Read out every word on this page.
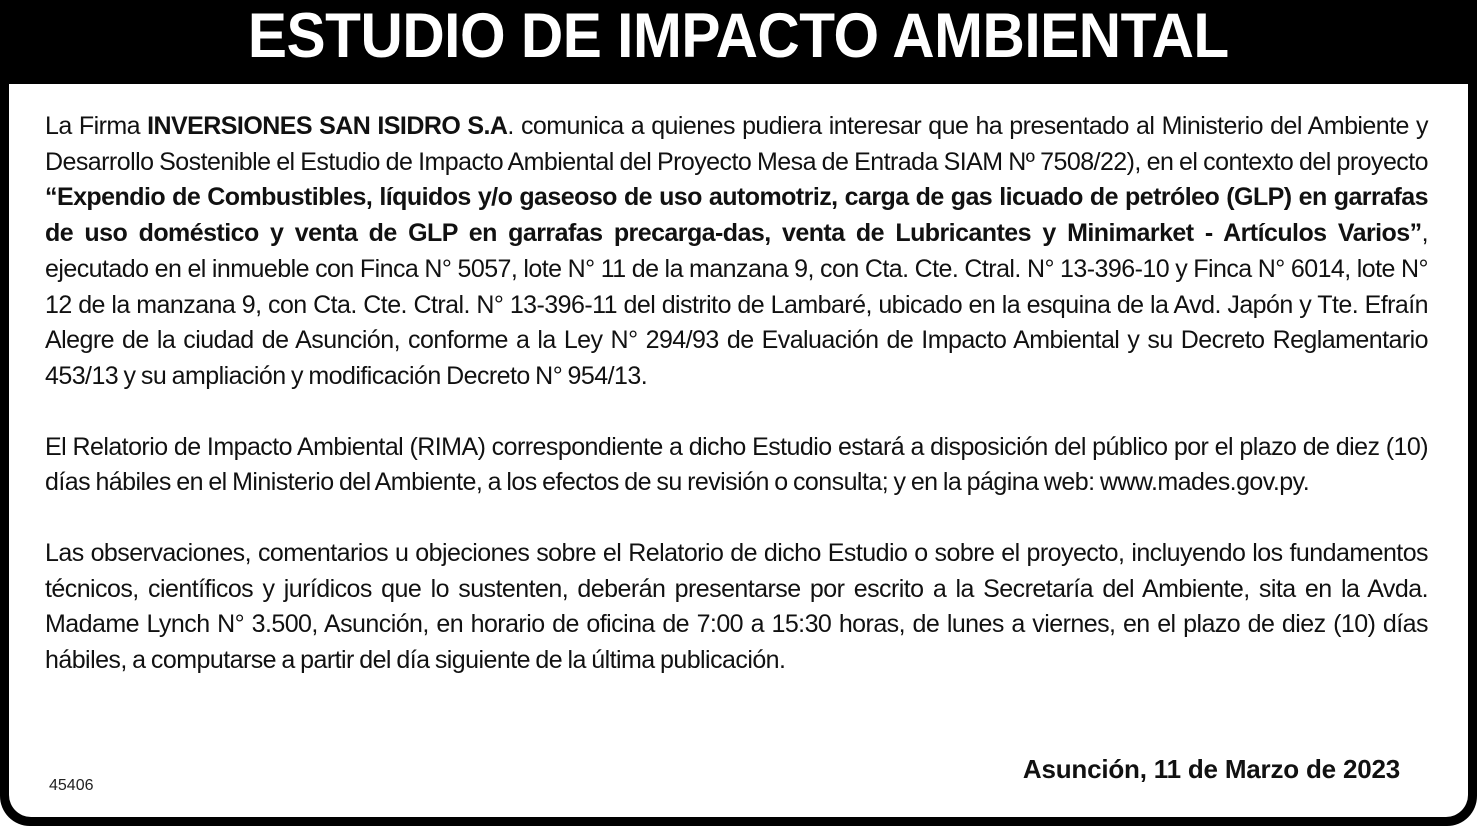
ESTUDIO DE IMPACTO AMBIENTAL

La Firma INVERSIONES SAN ISIDRO S.A. comunica a quienes pudiera interesar que ha presentado al Ministerio del Ambiente y Desarrollo Sostenible el Estudio de Impacto Ambiental del Proyecto Mesa de Entrada SIAM Nº 7508/22), en el contexto del proyecto “Expendio de Combustibles, líquidos y/o gaseoso de uso automotriz, carga de gas licuado de petróleo (GLP) en garrafas de uso doméstico y venta de GLP en garrafas precarga-das, venta de Lubricantes y Minimarket - Artículos Varios”, ejecutado en el inmueble con Finca N° 5057, lote N° 11 de la manzana 9, con Cta. Cte. Ctral. N° 13-396-10 y Finca N° 6014, lote N° 12 de la manzana 9, con Cta. Cte. Ctral. N° 13-396-11 del distrito de Lambaré, ubicado en la esquina de la Avd. Japón y Tte. Efraín Alegre de la ciudad de Asunción, conforme a la Ley N° 294/93 de Evaluación de Impacto Ambiental y su Decreto Reglamentario 453/13 y su ampliación y modificación Decreto N° 954/13.

El Relatorio de Impacto Ambiental (RIMA) correspondiente a dicho Estudio estará a disposición del público por el plazo de diez (10) días hábiles en el Ministerio del Ambiente, a los efectos de su revisión o consulta; y en la página web: www.mades.gov.py.

Las observaciones, comentarios u objeciones sobre el Relatorio de dicho Estudio o sobre el proyecto, incluyendo los fundamentos técnicos, científicos y jurídicos que lo sustenten, deberán presentarse por escrito a la Secretaría del Ambiente, sita en la Avda. Madame Lynch N° 3.500, Asunción, en horario de oficina de 7:00 a 15:30 horas, de lunes a viernes, en el plazo de diez (10) días hábiles, a computarse a partir del día siguiente de la última publicación.

45406
Asunción, 11 de Marzo de 2023
